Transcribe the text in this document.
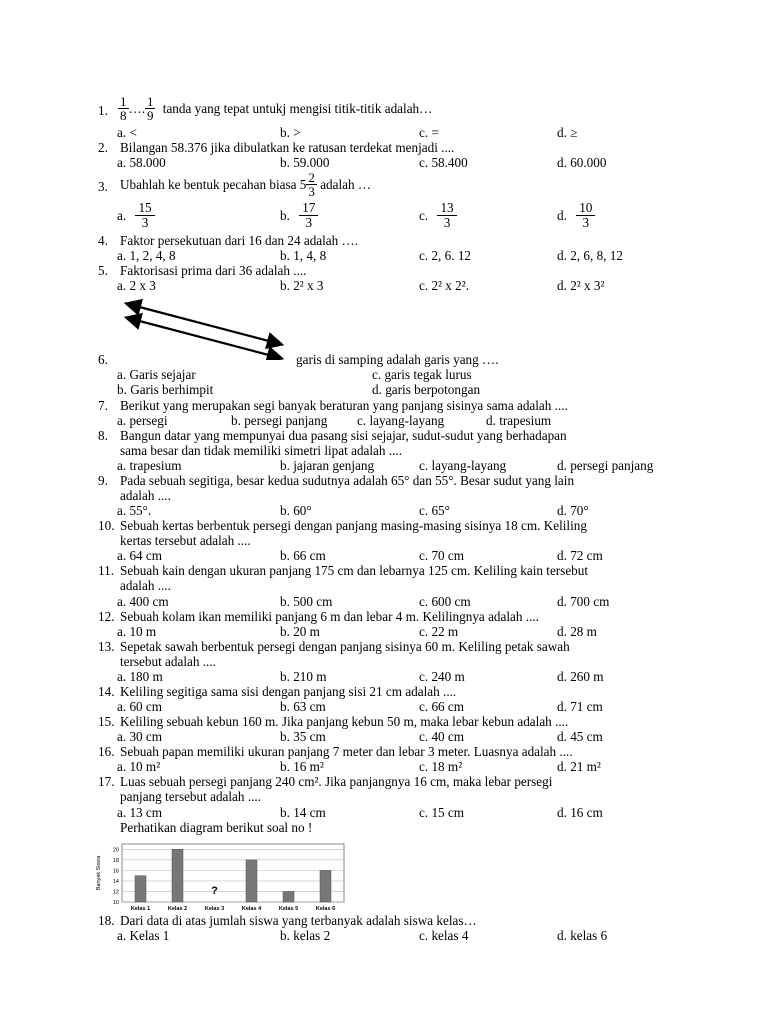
1. $\frac{1}{8}$ …. $\frac{1}{9}$ tanda yang tepat untukj mengisi titik-titik adalah…
a. <	b. >	c. =	d. ≥
2. Bilangan 58.376 jika dibulatkan ke ratusan terdekat menjadi ....
a. 58.000	b. 59.000	c. 58.400	d. 60.000
3. Ubahlah ke bentuk pecahan biasa $5 \frac{2}{3}$ adalah …
a. $\frac{15}{3}$	b. $\frac{17}{3}$	c. $\frac{13}{3}$	d. $\frac{10}{3}$
4. Faktor persekutuan dari 16 dan 24 adalah ….
a. 1, 2, 4, 8	b. 1, 4, 8	c. 2, 6. 12	d. 2, 6, 8, 12
5. Faktorisasi prima dari 36 adalah ....
a. 2 x 3	b. 2² x 3	c. 2² x 2².	d. 2² x 3²
6.	garis di samping adalah garis yang ….
a. Garis sejajar	c. garis tegak lurus
b. Garis berhimpit	d. garis berpotongan
7. Berikut yang merupakan segi banyak beraturan yang panjang sisinya sama adalah ....
a. persegi	b. persegi panjang c. layang-layang	d. trapesium
8. Bangun datar yang mempunyai dua pasang sisi sejajar, sudut-sudut yang berhadapan
sama besar dan tidak memiliki simetri lipat adalah ....
a. trapesium	b. jajaran genjang	c. layang-layang	d. persegi panjang
9. Pada sebuah segitiga, besar kedua sudutnya adalah 65° dan 55°. Besar sudut yang lain
adalah ....
a. 55°.	b. 60°	c. 65°	d. 70°
10. Sebuah kertas berbentuk persegi dengan panjang masing-masing sisinya 18 cm. Keliling
kertas tersebut adalah ....
a. 64 cm	b. 66 cm	c. 70 cm	d. 72 cm
11. Sebuah kain dengan ukuran panjang 175 cm dan lebarnya 125 cm. Keliling kain tersebut
adalah ....
a. 400 cm	b. 500 cm	c. 600 cm	d. 700 cm
12. Sebuah kolam ikan memiliki panjang 6 m dan lebar 4 m. Kelilingnya adalah ....
a. 10 m	b. 20 m	c. 22 m	d. 28 m
13. Sepetak sawah berbentuk persegi dengan panjang sisinya 60 m. Keliling petak sawah
tersebut adalah ....
a. 180 m	b. 210 m	c. 240 m	d. 260 m
14. Keliling segitiga sama sisi dengan panjang sisi 21 cm adalah ....
a. 60 cm	b. 63 cm	c. 66 cm	d. 71 cm
15. Keliling sebuah kebun 160 m. Jika panjang kebun 50 m, maka lebar kebun adalah ....
a. 30 cm	b. 35 cm	c. 40 cm	d. 45 cm
16. Sebuah papan memiliki ukuran panjang 7 meter dan lebar 3 meter. Luasnya adalah ....
a. 10 m²	b. 16 m²	c. 18 m²	d. 21 m²
17. Luas sebuah persegi panjang 240 cm². Jika panjangnya 16 cm, maka lebar persegi
panjang tersebut adalah ....
a. 13 cm	b. 14 cm	c. 15 cm	d. 16 cm
Perhatikan diagram berikut soal no !
10
12
14
16
18
20
Banyak Siswa
Kelas 1	Kelas 2
?
Kelas 3	Kelas 4	Kelas 5	Kelas 6
18. Dari data di atas jumlah siswa yang terbanyak adalah siswa kelas…
a. Kelas 1	b. kelas 2	c. kelas 4	d. kelas 6
